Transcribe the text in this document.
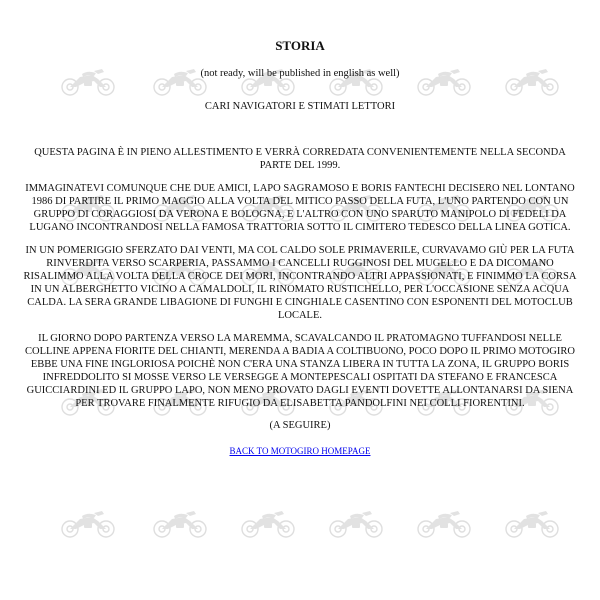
STORIA
(not ready, will be published in english as well)
CARI NAVIGATORI E STIMATI LETTORI

QUESTA PAGINA È IN PIENO ALLESTIMENTO E VERRÀ CORREDATA CONVENIENTEMENTE NELLA SECONDA PARTE DEL 1999.

IMMAGINATEVI COMUNQUE CHE DUE AMICI, LAPO SAGRAMOSO E BORIS FANTECHI DECISERO NEL LONTANO 1986 DI PARTIRE IL PRIMO MAGGIO ALLA VOLTA DEL MITICO PASSO DELLA FUTA, L'UNO PARTENDO CON UN GRUPPO DI CORAGGIOSI DA VERONA E BOLOGNA, E L'ALTRO CON UNO SPARUTO MANIPOLO DI FEDELI DA LUGANO INCONTRANDOSI NELLA FAMOSA TRATTORIA SOTTO IL CIMITERO TEDESCO DELLA LINEA GOTICA.

IN UN POMERIGGIO SFERZATO DAI VENTI, MA COL CALDO SOLE PRIMAVERILE, CURVAVAMO GIÙ PER LA FUTA RINVERDITA VERSO SCARPERIA, PASSAMMO I CANCELLI RUGGINOSI DEL MUGELLO E DA DICOMANO RISALIMMO ALLA VOLTA DELLA CROCE DEI MORI, INCONTRANDO ALTRI APPASSIONATI, E FINIMMO LA CORSA IN UN ALBERGHETTO VICINO A CAMALDOLI, IL RINOMATO RUSTICHELLO, PER L'OCCASIONE SENZA ACQUA CALDA. LA SERA GRANDE LIBAGIONE DI FUNGHI E CINGHIALE CASENTINO CON ESPONENTI DEL MOTOCLUB LOCALE.

IL GIORNO DOPO PARTENZA VERSO LA MAREMMA, SCAVALCANDO IL PRATOMAGNO TUFFANDOSI NELLE COLLINE APPENA FIORITE DEL CHIANTI, MERENDA A BADIA A COLTIBUONO, POCO DOPO IL PRIMO MOTOGIRO EBBE UNA FINE INGLORIOSA POICHÈ NON C'ERA UNA STANZA LIBERA IN TUTTA LA ZONA, IL GRUPPO BORIS INFREDDOLITO SI MOSSE VERSO LE VERSEGGE A MONTEPESCALI OSPITATI DA STEFANO E FRANCESCA GUICCIARDINI ED IL GRUPPO LAPO, NON MENO PROVATO DAGLI EVENTI DOVETTE ALLONTANARSI DA SIENA PER TROVARE FINALMENTE RIFUGIO DA ELISABETTA PANDOLFINI NEI COLLI FIORENTINI.

(A SEGUIRE)
BACK TO MOTOGIRO HOMEPAGE
